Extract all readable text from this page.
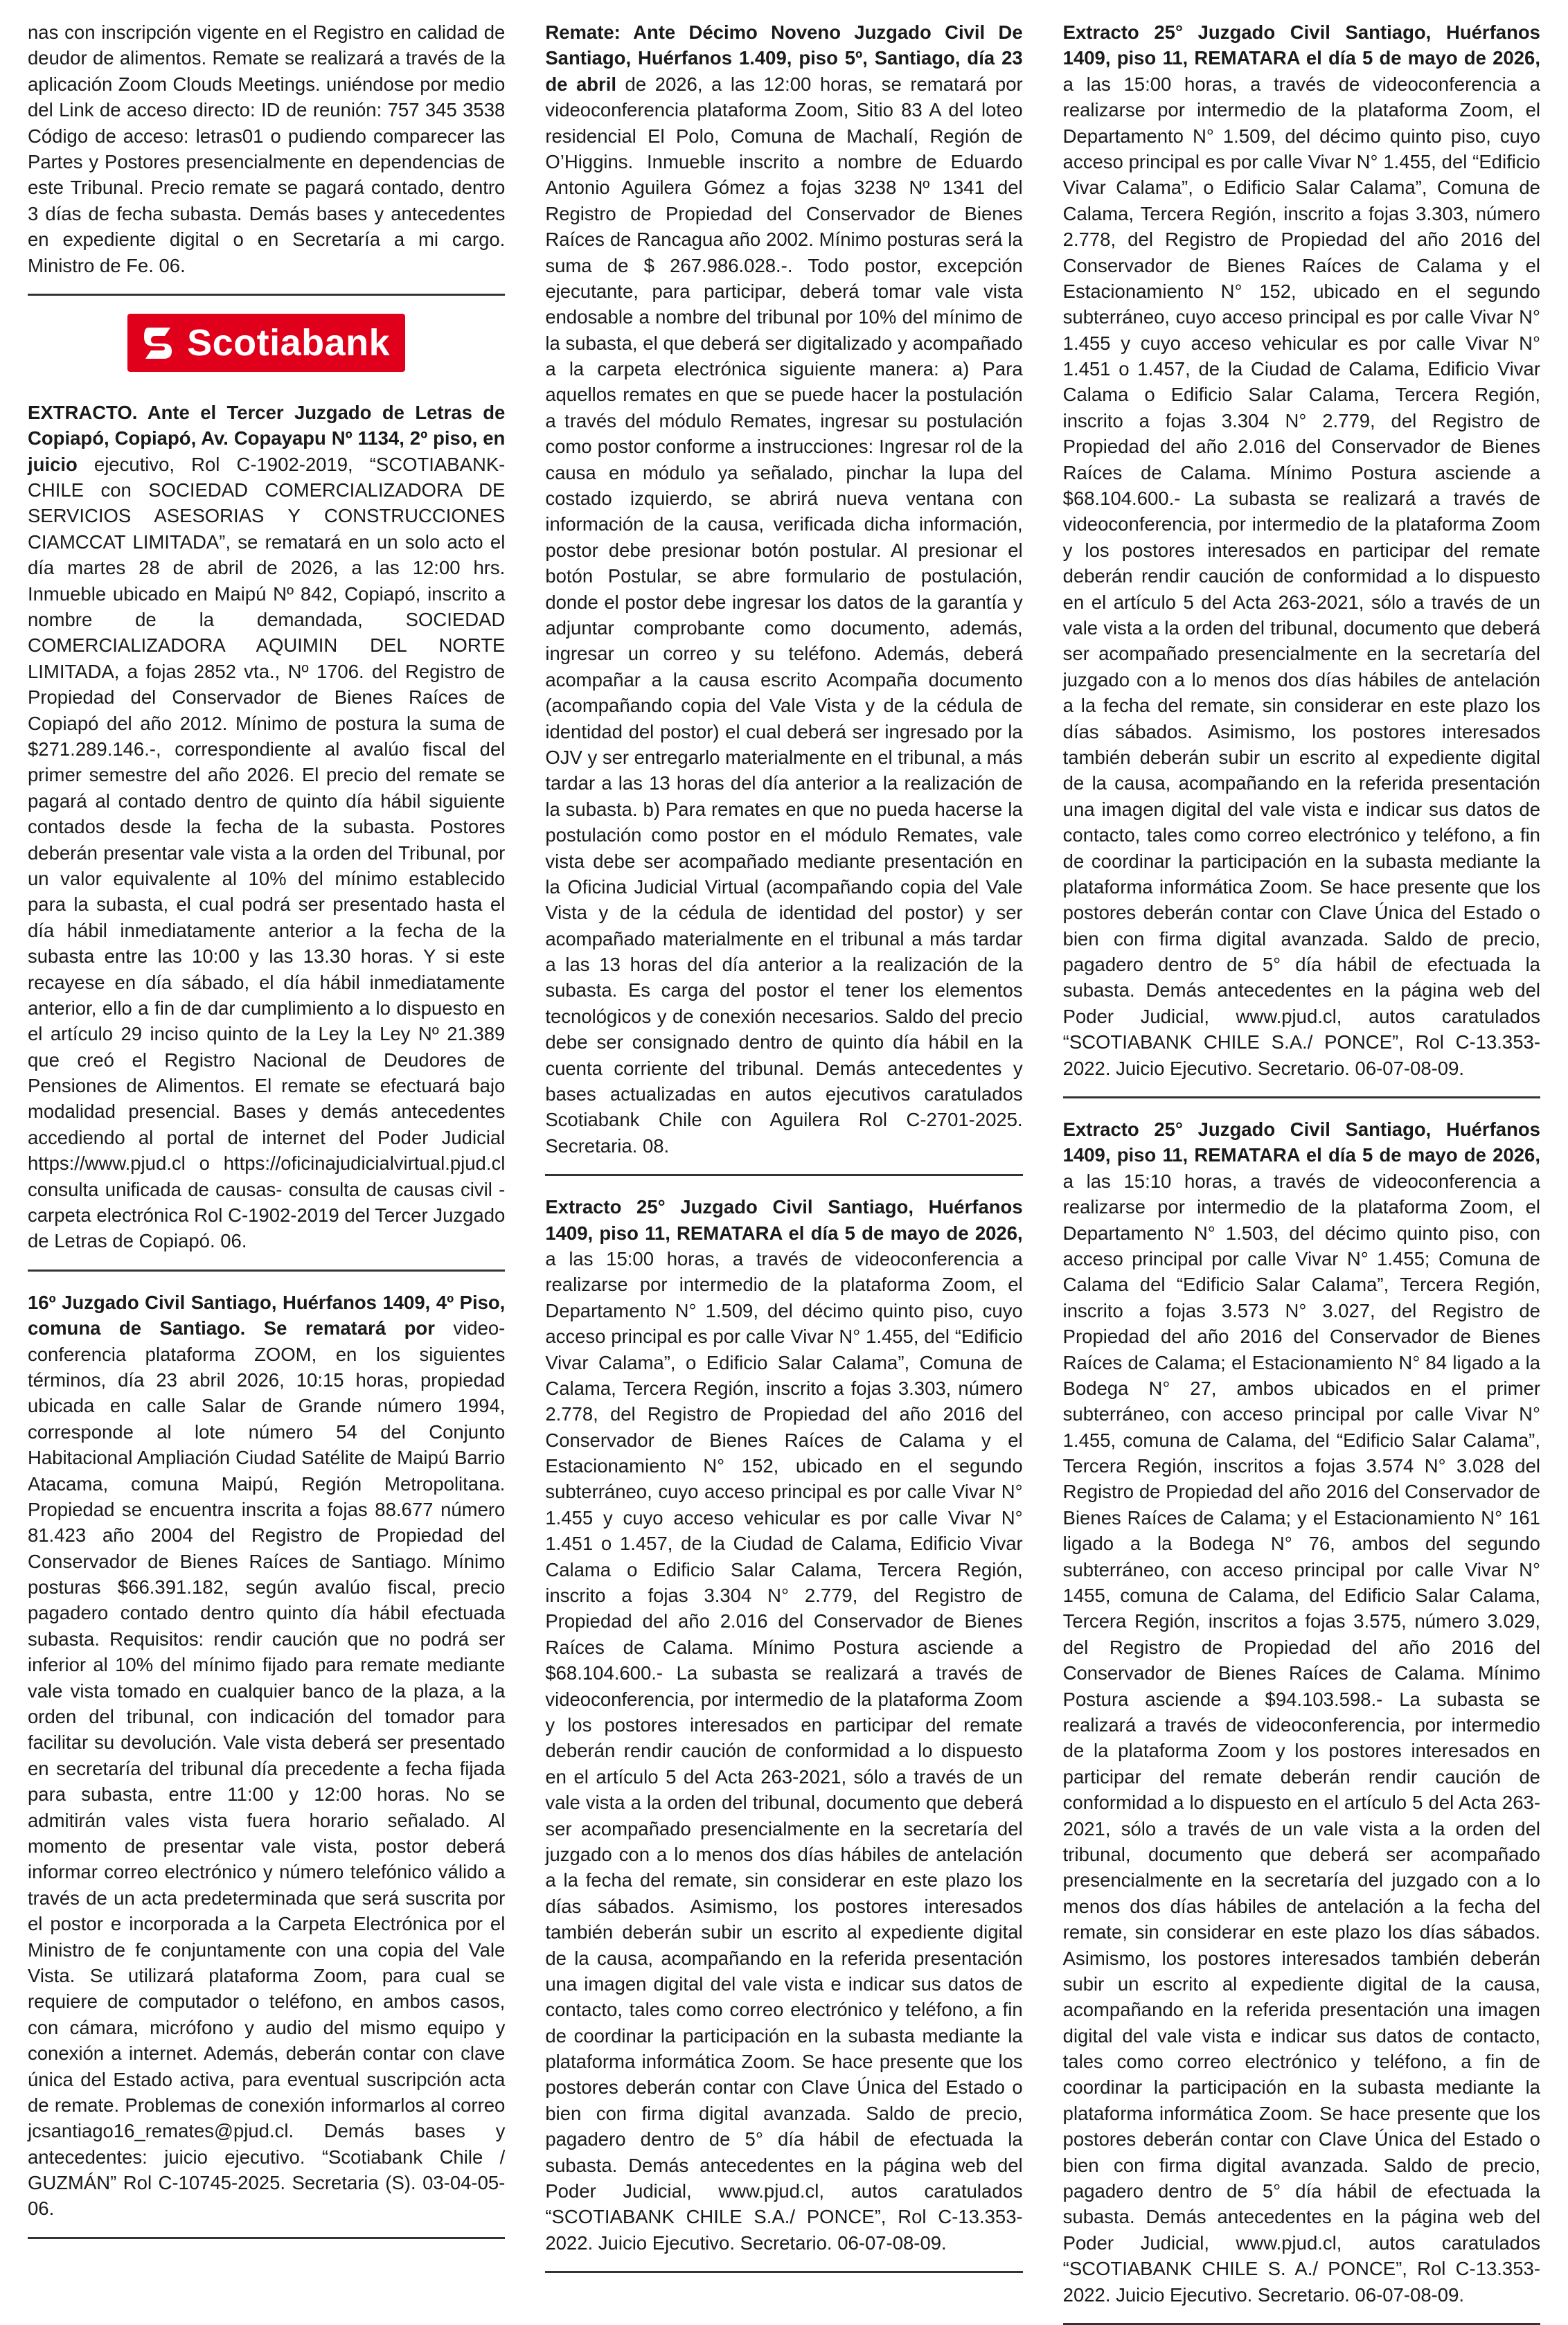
nas con inscripción vigente en el Registro en calidad de deudor de alimentos. Remate se realizará a través de la aplicación Zoom Clouds Meetings. uniéndose por medio del Link de acceso directo: ID de reunión: 757 345 3538 Código de acceso: letras01 o pudiendo comparecer las Partes y Postores presencialmente en dependencias de este Tribunal. Precio remate se pagará contado, dentro 3 días de fecha subasta. Demás bases y antecedentes en expediente digital o en Secretaría a mi cargo. Ministro de Fe. 06.

Scotiabank

EXTRACTO. Ante el Tercer Juzgado de Letras de Copiapó, Copiapó, Av. Copayapu Nº 1134, 2º piso, en juicio ejecutivo, Rol C-1902-2019, “SCOTIABANK-CHILE con SOCIEDAD COMERCIALIZADORA DE SERVICIOS ASESORIAS Y CONSTRUCCIONES CIAMCCAT LIMITADA”, se rematará en un solo acto el día martes 28 de abril de 2026, a las 12:00 hrs. Inmueble ubicado en Maipú Nº 842, Copiapó, inscrito a nombre de la demandada, SOCIEDAD COMERCIALIZADORA AQUIMIN DEL NORTE LIMITADA, a fojas 2852 vta., Nº 1706. del Registro de Propiedad del Conservador de Bienes Raíces de Copiapó del año 2012. Mínimo de postura la suma de $271.289.146.-, correspondiente al avalúo fiscal del primer semestre del año 2026. El precio del remate se pagará al contado dentro de quinto día hábil siguiente contados desde la fecha de la subasta. Postores deberán presentar vale vista a la orden del Tribunal, por un valor equivalente al 10% del mínimo establecido para la subasta, el cual podrá ser presentado hasta el día hábil inmediatamente anterior a la fecha de la subasta entre las 10:00 y las 13.30 horas. Y si este recayese en día sábado, el día hábil inmediatamente anterior, ello a fin de dar cumplimiento a lo dispuesto en el artículo 29 inciso quinto de la Ley la Ley Nº 21.389 que creó el Registro Nacional de Deudores de Pensiones de Alimentos. El remate se efectuará bajo modalidad presencial. Bases y demás antecedentes accediendo al portal de internet del Poder Judicial https://www.pjud.cl o https://oficinajudicialvirtual.pjud.cl consulta unificada de causas- consulta de causas civil - carpeta electrónica Rol C-1902-2019 del Tercer Juzgado de Letras de Copiapó. 06.

16º Juzgado Civil Santiago, Huérfanos 1409, 4º Piso, comuna de Santiago. Se rematará por video-conferencia plataforma ZOOM, en los siguientes términos, día 23 abril 2026, 10:15 horas, propiedad ubicada en calle Salar de Grande número 1994, corresponde al lote número 54 del Conjunto Habitacional Ampliación Ciudad Satélite de Maipú Barrio Atacama, comuna Maipú, Región Metropolitana. Propiedad se encuentra inscrita a fojas 88.677 número 81.423 año 2004 del Registro de Propiedad del Conservador de Bienes Raíces de Santiago. Mínimo posturas $66.391.182, según avalúo fiscal, precio pagadero contado dentro quinto día hábil efectuada subasta. Requisitos: rendir caución que no podrá ser inferior al 10% del mínimo fijado para remate mediante vale vista tomado en cualquier banco de la plaza, a la orden del tribunal, con indicación del tomador para facilitar su devolución. Vale vista deberá ser presentado en secretaría del tribunal día precedente a fecha fijada para subasta, entre 11:00 y 12:00 horas. No se admitirán vales vista fuera horario señalado. Al momento de presentar vale vista, postor deberá informar correo electrónico y número telefónico válido a través de un acta predeterminada que será suscrita por el postor e incorporada a la Carpeta Electrónica por el Ministro de fe conjuntamente con una copia del Vale Vista. Se utilizará plataforma Zoom, para cual se requiere de computador o teléfono, en ambos casos, con cámara, micrófono y audio del mismo equipo y conexión a internet. Además, deberán contar con clave única del Estado activa, para eventual suscripción acta de remate. Problemas de conexión informarlos al correo jcsantiago16_remates@pjud.cl. Demás bases y antecedentes: juicio ejecutivo. “Scotiabank Chile / GUZMÁN” Rol C-10745-2025. Secretaria (S). 03-04-05-06.

Remate: Ante Décimo Noveno Juzgado Civil De Santiago, Huérfanos 1.409, piso 5º, Santiago, día 23 de abril de 2026, a las 12:00 horas, se rematará por videoconferencia plataforma Zoom, Sitio 83 A del loteo residencial El Polo, Comuna de Machalí, Región de O’Higgins. Inmueble inscrito a nombre de Eduardo Antonio Aguilera Gómez a fojas 3238 Nº 1341 del Registro de Propiedad del Conservador de Bienes Raíces de Rancagua año 2002. Mínimo posturas será la suma de $ 267.986.028.-. Todo postor, excepción ejecutante, para participar, deberá tomar vale vista endosable a nombre del tribunal por 10% del mínimo de la subasta, el que deberá ser digitalizado y acompañado a la carpeta electrónica siguiente manera: a) Para aquellos remates en que se puede hacer la postulación a través del módulo Remates, ingresar su postulación como postor conforme a instrucciones: Ingresar rol de la causa en módulo ya señalado, pinchar la lupa del costado izquierdo, se abrirá nueva ventana con información de la causa, verificada dicha información, postor debe presionar botón postular. Al presionar el botón Postular, se abre formulario de postulación, donde el postor debe ingresar los datos de la garantía y adjuntar comprobante como documento, además, ingresar un correo y su teléfono. Además, deberá acompañar a la causa escrito Acompaña documento (acompañando copia del Vale Vista y de la cédula de identidad del postor) el cual deberá ser ingresado por la OJV y ser entregarlo materialmente en el tribunal, a más tardar a las 13 horas del día anterior a la realización de la subasta. b) Para remates en que no pueda hacerse la postulación como postor en el módulo Remates, vale vista debe ser acompañado mediante presentación en la Oficina Judicial Virtual (acompañando copia del Vale Vista y de la cédula de identidad del postor) y ser acompañado materialmente en el tribunal a más tardar a las 13 horas del día anterior a la realización de la subasta. Es carga del postor el tener los elementos tecnológicos y de conexión necesarios. Saldo del precio debe ser consignado dentro de quinto día hábil en la cuenta corriente del tribunal. Demás antecedentes y bases actualizadas en autos ejecutivos caratulados Scotiabank Chile con Aguilera Rol C-2701-2025. Secretaria. 08.

Extracto 25° Juzgado Civil Santiago, Huérfanos 1409, piso 11, REMATARA el día 5 de mayo de 2026, a las 15:00 horas, a través de videoconferencia a realizarse por intermedio de la plataforma Zoom, el Departamento N° 1.509, del décimo quinto piso, cuyo acceso principal es por calle Vivar N° 1.455, del “Edificio Vivar Calama”, o Edificio Salar Calama”, Comuna de Calama, Tercera Región, inscrito a fojas 3.303, número 2.778, del Registro de Propiedad del año 2016 del Conservador de Bienes Raíces de Calama y el Estacionamiento N° 152, ubicado en el segundo subterráneo, cuyo acceso principal es por calle Vivar N° 1.455 y cuyo acceso vehicular es por calle Vivar N° 1.451 o 1.457, de la Ciudad de Calama, Edificio Vivar Calama o Edificio Salar Calama, Tercera Región, inscrito a fojas 3.304 N° 2.779, del Registro de Propiedad del año 2.016 del Conservador de Bienes Raíces de Calama. Mínimo Postura asciende a $68.104.600.- La subasta se realizará a través de videoconferencia, por intermedio de la plataforma Zoom y los postores interesados en participar del remate deberán rendir caución de conformidad a lo dispuesto en el artículo 5 del Acta 263-2021, sólo a través de un vale vista a la orden del tribunal, documento que deberá ser acompañado presencialmente en la secretaría del juzgado con a lo menos dos días hábiles de antelación a la fecha del remate, sin considerar en este plazo los días sábados. Asimismo, los postores interesados también deberán subir un escrito al expediente digital de la causa, acompañando en la referida presentación una imagen digital del vale vista e indicar sus datos de contacto, tales como correo electrónico y teléfono, a fin de coordinar la participación en la subasta mediante la plataforma informática Zoom. Se hace presente que los postores deberán contar con Clave Única del Estado o bien con firma digital avanzada. Saldo de precio, pagadero dentro de 5° día hábil de efectuada la subasta. Demás antecedentes en la página web del Poder Judicial, www.pjud.cl, autos caratulados “SCOTIABANK CHILE S.A./ PONCE”, Rol C-13.353-2022. Juicio Ejecutivo. Secretario. 06-07-08-09.

Extracto 25° Juzgado Civil Santiago, Huérfanos 1409, piso 11, REMATARA el día 5 de mayo de 2026, a las 15:00 horas, a través de videoconferencia a realizarse por intermedio de la plataforma Zoom, el Departamento N° 1.509, del décimo quinto piso, cuyo acceso principal es por calle Vivar N° 1.455, del “Edificio Vivar Calama”, o Edificio Salar Calama”, Comuna de Calama, Tercera Región, inscrito a fojas 3.303, número 2.778, del Registro de Propiedad del año 2016 del Conservador de Bienes Raíces de Calama y el Estacionamiento N° 152, ubicado en el segundo subterráneo, cuyo acceso principal es por calle Vivar N° 1.455 y cuyo acceso vehicular es por calle Vivar N° 1.451 o 1.457, de la Ciudad de Calama, Edificio Vivar Calama o Edificio Salar Calama, Tercera Región, inscrito a fojas 3.304 N° 2.779, del Registro de Propiedad del año 2.016 del Conservador de Bienes Raíces de Calama. Mínimo Postura asciende a $68.104.600.- La subasta se realizará a través de videoconferencia, por intermedio de la plataforma Zoom y los postores interesados en participar del remate deberán rendir caución de conformidad a lo dispuesto en el artículo 5 del Acta 263-2021, sólo a través de un vale vista a la orden del tribunal, documento que deberá ser acompañado presencialmente en la secretaría del juzgado con a lo menos dos días hábiles de antelación a la fecha del remate, sin considerar en este plazo los días sábados. Asimismo, los postores interesados también deberán subir un escrito al expediente digital de la causa, acompañando en la referida presentación una imagen digital del vale vista e indicar sus datos de contacto, tales como correo electrónico y teléfono, a fin de coordinar la participación en la subasta mediante la plataforma informática Zoom. Se hace presente que los postores deberán contar con Clave Única del Estado o bien con firma digital avanzada. Saldo de precio, pagadero dentro de 5° día hábil de efectuada la subasta. Demás antecedentes en la página web del Poder Judicial, www.pjud.cl, autos caratulados “SCOTIABANK CHILE S.A./ PONCE”, Rol C-13.353-2022. Juicio Ejecutivo. Secretario. 06-07-08-09.

Extracto 25° Juzgado Civil Santiago, Huérfanos 1409, piso 11, REMATARA el día 5 de mayo de 2026, a las 15:10 horas, a través de videoconferencia a realizarse por intermedio de la plataforma Zoom, el Departamento N° 1.503, del décimo quinto piso, con acceso principal por calle Vivar N° 1.455; Comuna de Calama del “Edificio Salar Calama”, Tercera Región, inscrito a fojas 3.573 N° 3.027, del Registro de Propiedad del año 2016 del Conservador de Bienes Raíces de Calama; el Estacionamiento N° 84 ligado a la Bodega N° 27, ambos ubicados en el primer subterráneo, con acceso principal por calle Vivar N° 1.455, comuna de Calama, del “Edificio Salar Calama”, Tercera Región, inscritos a fojas 3.574 N° 3.028 del Registro de Propiedad del año 2016 del Conservador de Bienes Raíces de Calama; y el Estacionamiento N° 161 ligado a la Bodega N° 76, ambos del segundo subterráneo, con acceso principal por calle Vivar N° 1455, comuna de Calama, del Edificio Salar Calama, Tercera Región, inscritos a fojas 3.575, número 3.029, del Registro de Propiedad del año 2016 del Conservador de Bienes Raíces de Calama. Mínimo Postura asciende a $94.103.598.- La subasta se realizará a través de videoconferencia, por intermedio de la plataforma Zoom y los postores interesados en participar del remate deberán rendir caución de conformidad a lo dispuesto en el artículo 5 del Acta 263-2021, sólo a través de un vale vista a la orden del tribunal, documento que deberá ser acompañado presencialmente en la secretaría del juzgado con a lo menos dos días hábiles de antelación a la fecha del remate, sin considerar en este plazo los días sábados. Asimismo, los postores interesados también deberán subir un escrito al expediente digital de la causa, acompañando en la referida presentación una imagen digital del vale vista e indicar sus datos de contacto, tales como correo electrónico y teléfono, a fin de coordinar la participación en la subasta mediante la plataforma informática Zoom. Se hace presente que los postores deberán contar con Clave Única del Estado o bien con firma digital avanzada. Saldo de precio, pagadero dentro de 5° día hábil de efectuada la subasta. Demás antecedentes en la página web del Poder Judicial, www.pjud.cl, autos caratulados “SCOTIABANK CHILE S. A./ PONCE”, Rol C-13.353-2022. Juicio Ejecutivo. Secretario. 06-07-08-09.
